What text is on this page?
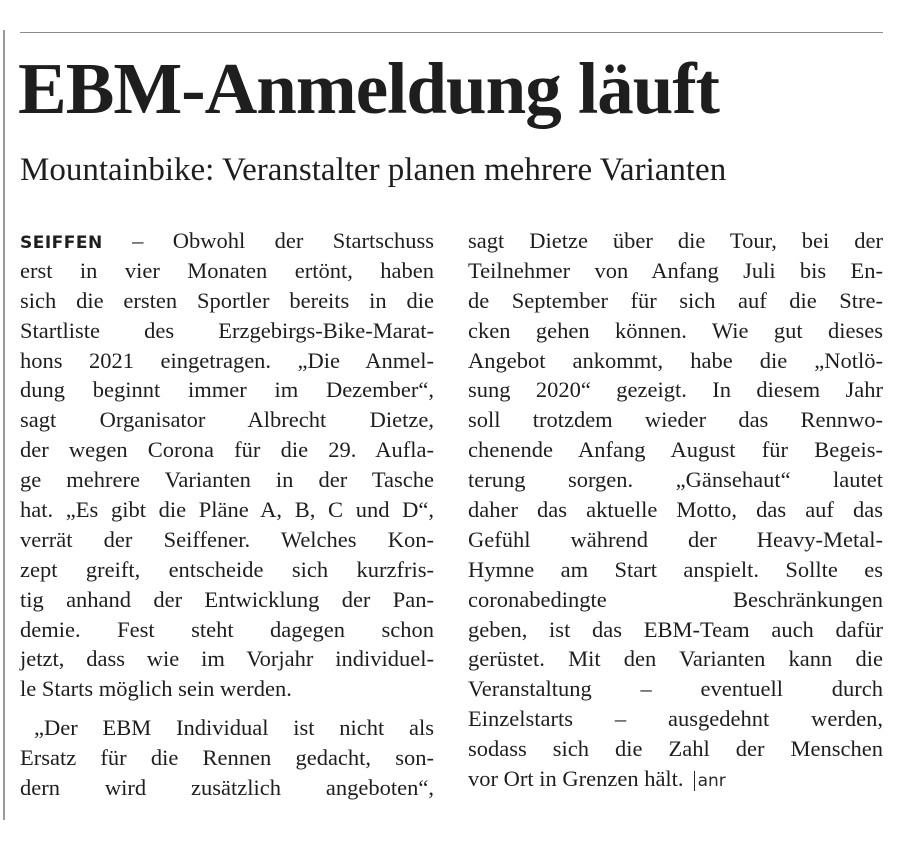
EBM-Anmeldung läuft
Mountainbike: Veranstalter planen mehrere Varianten
SEIFFEN – Obwohl der Startschuss
erst in vier Monaten ertönt, haben
sich die ersten Sportler bereits in die
Startliste des Erzgebirgs-Bike-Marat-
hons 2021 eingetragen. „Die Anmel-
dung beginnt immer im Dezember“,
sagt Organisator Albrecht Dietze,
der wegen Corona für die 29. Aufla-
ge mehrere Varianten in der Tasche
hat. „Es gibt die Pläne A, B, C und D“,
verrät der Seiffener. Welches Kon-
zept greift, entscheide sich kurzfris-
tig anhand der Entwicklung der Pan-
demie. Fest steht dagegen schon
jetzt, dass wie im Vorjahr individuel-
le Starts möglich sein werden.
„Der EBM Individual ist nicht als
Ersatz für die Rennen gedacht, son-
dern wird zusätzlich angeboten“,
sagt Dietze über die Tour, bei der
Teilnehmer von Anfang Juli bis En-
de September für sich auf die Stre-
cken gehen können. Wie gut dieses
Angebot ankommt, habe die „Notlö-
sung 2020“ gezeigt. In diesem Jahr
soll trotzdem wieder das Rennwo-
chenende Anfang August für Begeis-
terung sorgen. „Gänsehaut“ lautet
daher das aktuelle Motto, das auf das
Gefühl während der Heavy-Metal-
Hymne am Start anspielt. Sollte es
coronabedingte Beschränkungen
geben, ist das EBM-Team auch dafür
gerüstet. Mit den Varianten kann die
Veranstaltung – eventuell durch
Einzelstarts – ausgedehnt werden,
sodass sich die Zahl der Menschen
vor Ort in Grenzen hält. anr
